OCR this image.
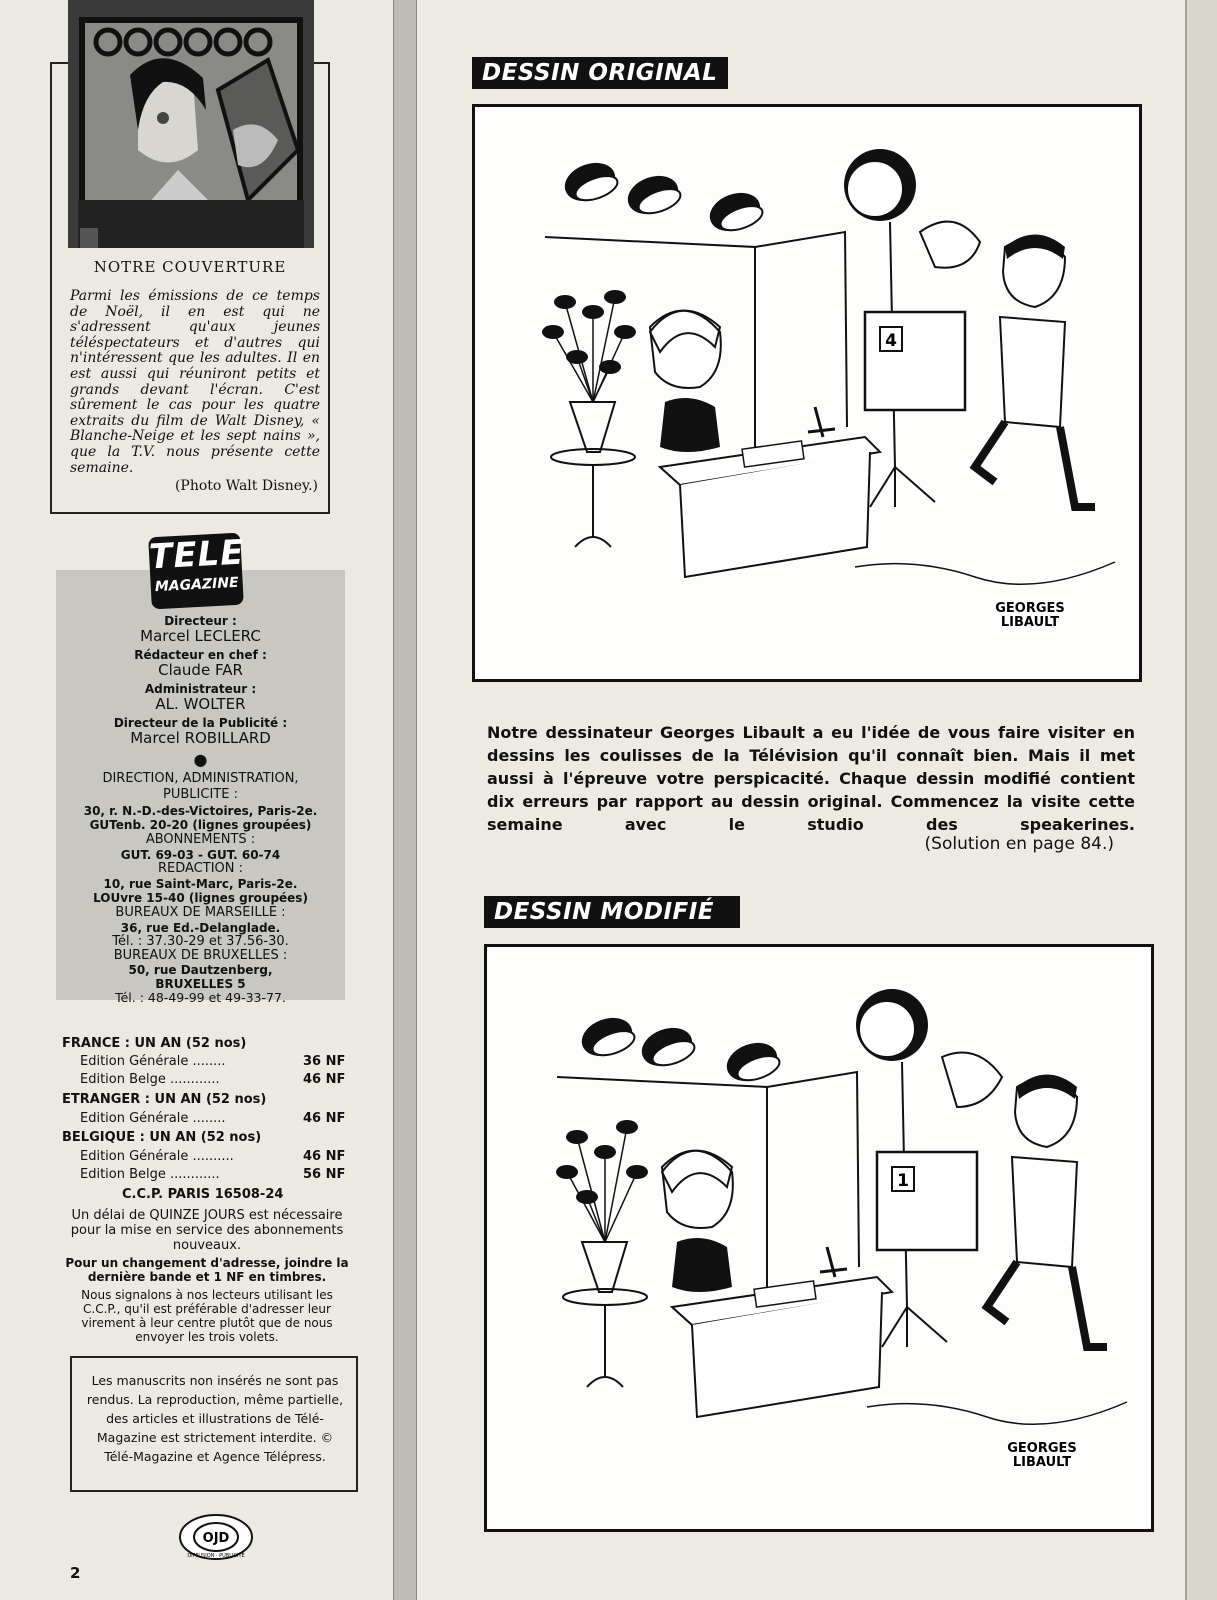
NOTRE COUVERTURE
Parmi les émissions de ce temps de Noël, il en est qui ne s'adressent qu'aux jeunes téléspectateurs et d'autres qui n'intéressent que les adultes. Il en est aussi qui réuniront petits et grands devant l'écran. C'est sûrement le cas pour les quatre extraits du film de Walt Disney, « Blanche-Neige et les sept nains », que la T.V. nous présente cette semaine.
(Photo Walt Disney.)
TELE
MAGAZINE
Directeur :
Marcel LECLERC
Rédacteur en chef :
Claude FAR
Administrateur :
AL. WOLTER
Directeur de la Publicité :
Marcel ROBILLARD
●
DIRECTION, ADMINISTRATION, PUBLICITE :
30, r. N.-D.-des-Victoires, Paris-2e.
GUTenb. 20-20 (lignes groupées)
ABONNEMENTS :
GUT. 69-03 - GUT. 60-74
REDACTION :
10, rue Saint-Marc, Paris-2e.
LOUvre 15-40 (lignes groupées)
BUREAUX DE MARSEILLE :
36, rue Ed.-Delanglade.
Tél. : 37.30-29 et 37.56-30.
BUREAUX DE BRUXELLES :
50, rue Dautzenberg,
BRUXELLES 5
Tél. : 48-49-99 et 49-33-77.
FRANCE : UN AN (52 nos)
Edition Générale ........	36 NF
Edition Belge ............	46 NF
ETRANGER : UN AN (52 nos)
Edition Générale ........	46 NF
BELGIQUE : UN AN (52 nos)
Edition Générale ..........	46 NF
Edition Belge ............	56 NF
C.C.P. PARIS 16508-24
Un délai de QUINZE JOURS est nécessaire pour la mise en service des abonnements nouveaux.
Pour un changement d'adresse, joindre la dernière bande et 1 NF en timbres.
Nous signalons à nos lecteurs utilisant les C.C.P., qu'il est préférable d'adresser leur virement à leur centre plutôt que de nous envoyer les trois volets.
Les manuscrits non insérés ne sont pas rendus. La reproduction, même partielle, des articles et illustrations de Télé-Magazine est strictement interdite. © Télé-Magazine et Agence Télépress.
OJD
DIFFUSION · PUBLICITÉ
2
DESSIN ORIGINAL
4
GEORGES
LIBAULT
Notre dessinateur Georges Libault a eu l'idée de vous faire visiter en dessins les coulisses de la Télévision qu'il connaît bien. Mais il met aussi à l'épreuve votre perspicacité. Chaque dessin modifié contient dix erreurs par rapport au dessin original. Commencez la visite cette semaine avec le studio des speakerines.
(Solution en page 84.)
DESSIN MODIFIÉ
1
GEORGES
LIBAULT
